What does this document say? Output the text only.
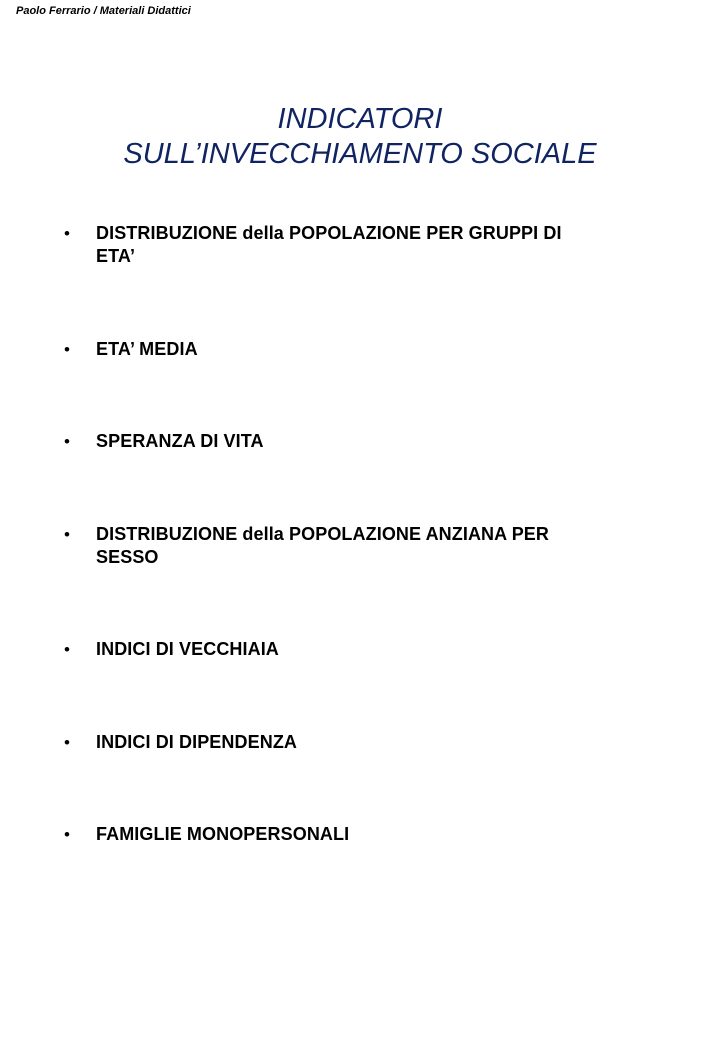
Paolo Ferrario / Materiali Didattici
INDICATORI
SULL’INVECCHIAMENTO SOCIALE
• DISTRIBUZIONE della POPOLAZIONE PER GRUPPI DI
ETA’
• ETA’ MEDIA
• SPERANZA DI VITA
• DISTRIBUZIONE della POPOLAZIONE ANZIANA PER
SESSO
• INDICI DI VECCHIAIA
• INDICI DI DIPENDENZA
• FAMIGLIE MONOPERSONALI
